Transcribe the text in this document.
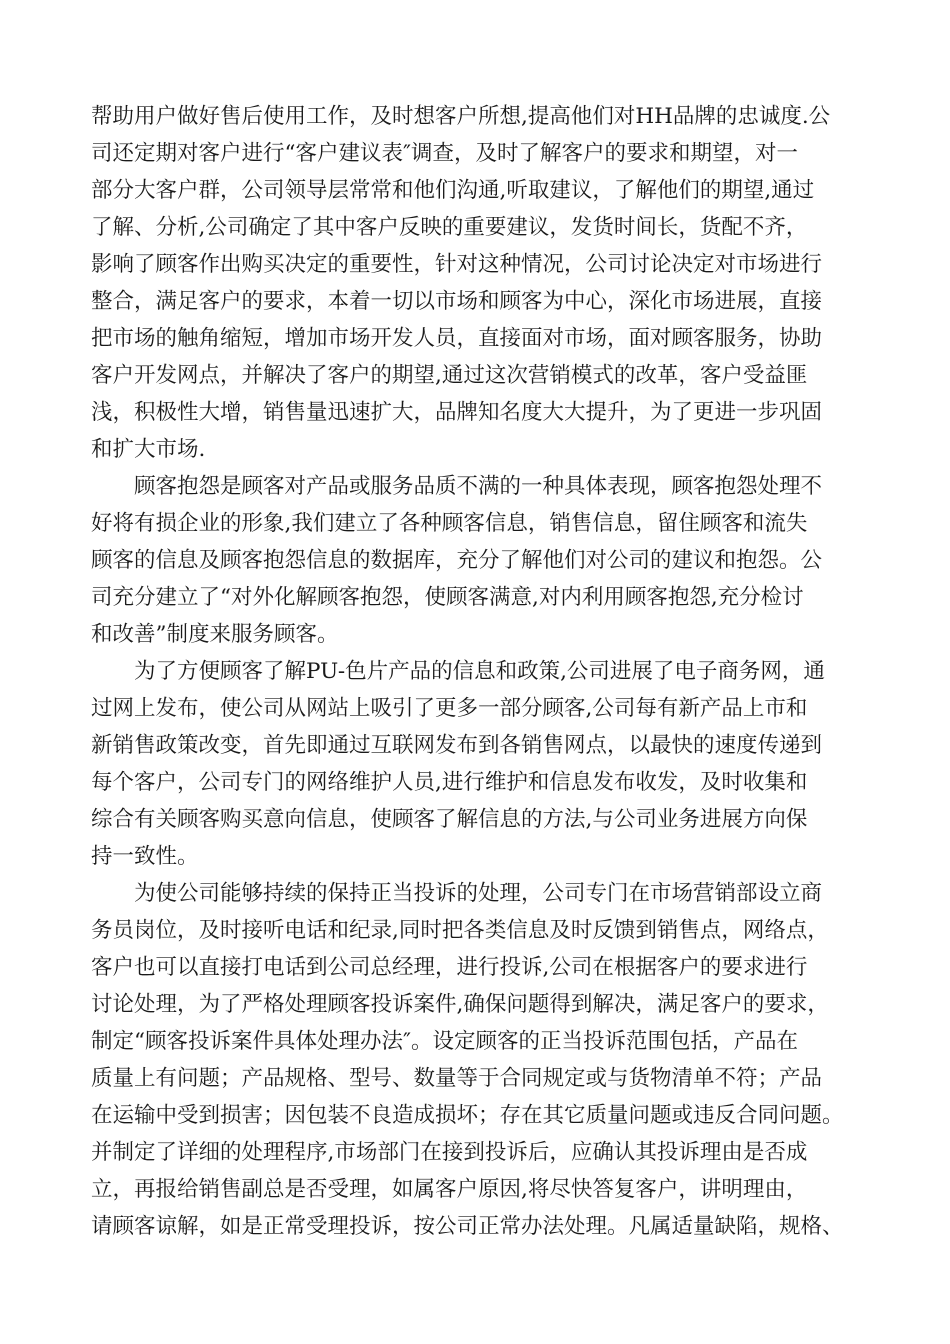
帮助用户做好售后使用工作，及时想客户所想,提高他们对HH品牌的忠诚度.公
司还定期对客户进行“客户建议表″调查，及时了解客户的要求和期望，对一
部分大客户群，公司领导层常常和他们沟通,听取建议，了解他们的期望,通过
了解、分析,公司确定了其中客户反映的重要建议，发货时间长，货配不齐，
影响了顾客作出购买决定的重要性，针对这种情况，公司讨论决定对市场进行
整合，满足客户的要求，本着一切以市场和顾客为中心，深化市场进展，直接
把市场的触角缩短，增加市场开发人员，直接面对市场，面对顾客服务，协助
客户开发网点，并解决了客户的期望,通过这次营销模式的改革，客户受益匪
浅，积极性大增，销售量迅速扩大，品牌知名度大大提升，为了更进一步巩固
和扩大市场.
顾客抱怨是顾客对产品或服务品质不满的一种具体表现，顾客抱怨处理不
好将有损企业的形象,我们建立了各种顾客信息，销售信息，留住顾客和流失
顾客的信息及顾客抱怨信息的数据库，充分了解他们对公司的建议和抱怨。公
司充分建立了“对外化解顾客抱怨，使顾客满意,对内利用顾客抱怨,充分检讨
和改善”制度来服务顾客。
为了方便顾客了解PU-色片产品的信息和政策,公司进展了电子商务网，通
过网上发布，使公司从网站上吸引了更多一部分顾客,公司每有新产品上市和
新销售政策改变，首先即通过互联网发布到各销售网点，以最快的速度传递到
每个客户，公司专门的网络维护人员,进行维护和信息发布收发，及时收集和
综合有关顾客购买意向信息，使顾客了解信息的方法,与公司业务进展方向保
持一致性。
为使公司能够持续的保持正当投诉的处理，公司专门在市场营销部设立商
务员岗位，及时接听电话和纪录,同时把各类信息及时反馈到销售点，网络点，
客户也可以直接打电话到公司总经理，进行投诉,公司在根据客户的要求进行
讨论处理，为了严格处理顾客投诉案件,确保问题得到解决，满足客户的要求，
制定“顾客投诉案件具体处理办法″。设定顾客的正当投诉范围包括，产品在
质量上有问题；产品规格、型号、数量等于合同规定或与货物清单不符；产品
在运输中受到损害；因包装不良造成损坏；存在其它质量问题或违反合同问题。
并制定了详细的处理程序,市场部门在接到投诉后，应确认其投诉理由是否成
立，再报给销售副总是否受理，如属客户原因,将尽快答复客户，讲明理由，
请顾客谅解，如是正常受理投诉，按公司正常办法处理。凡属适量缺陷，规格、
